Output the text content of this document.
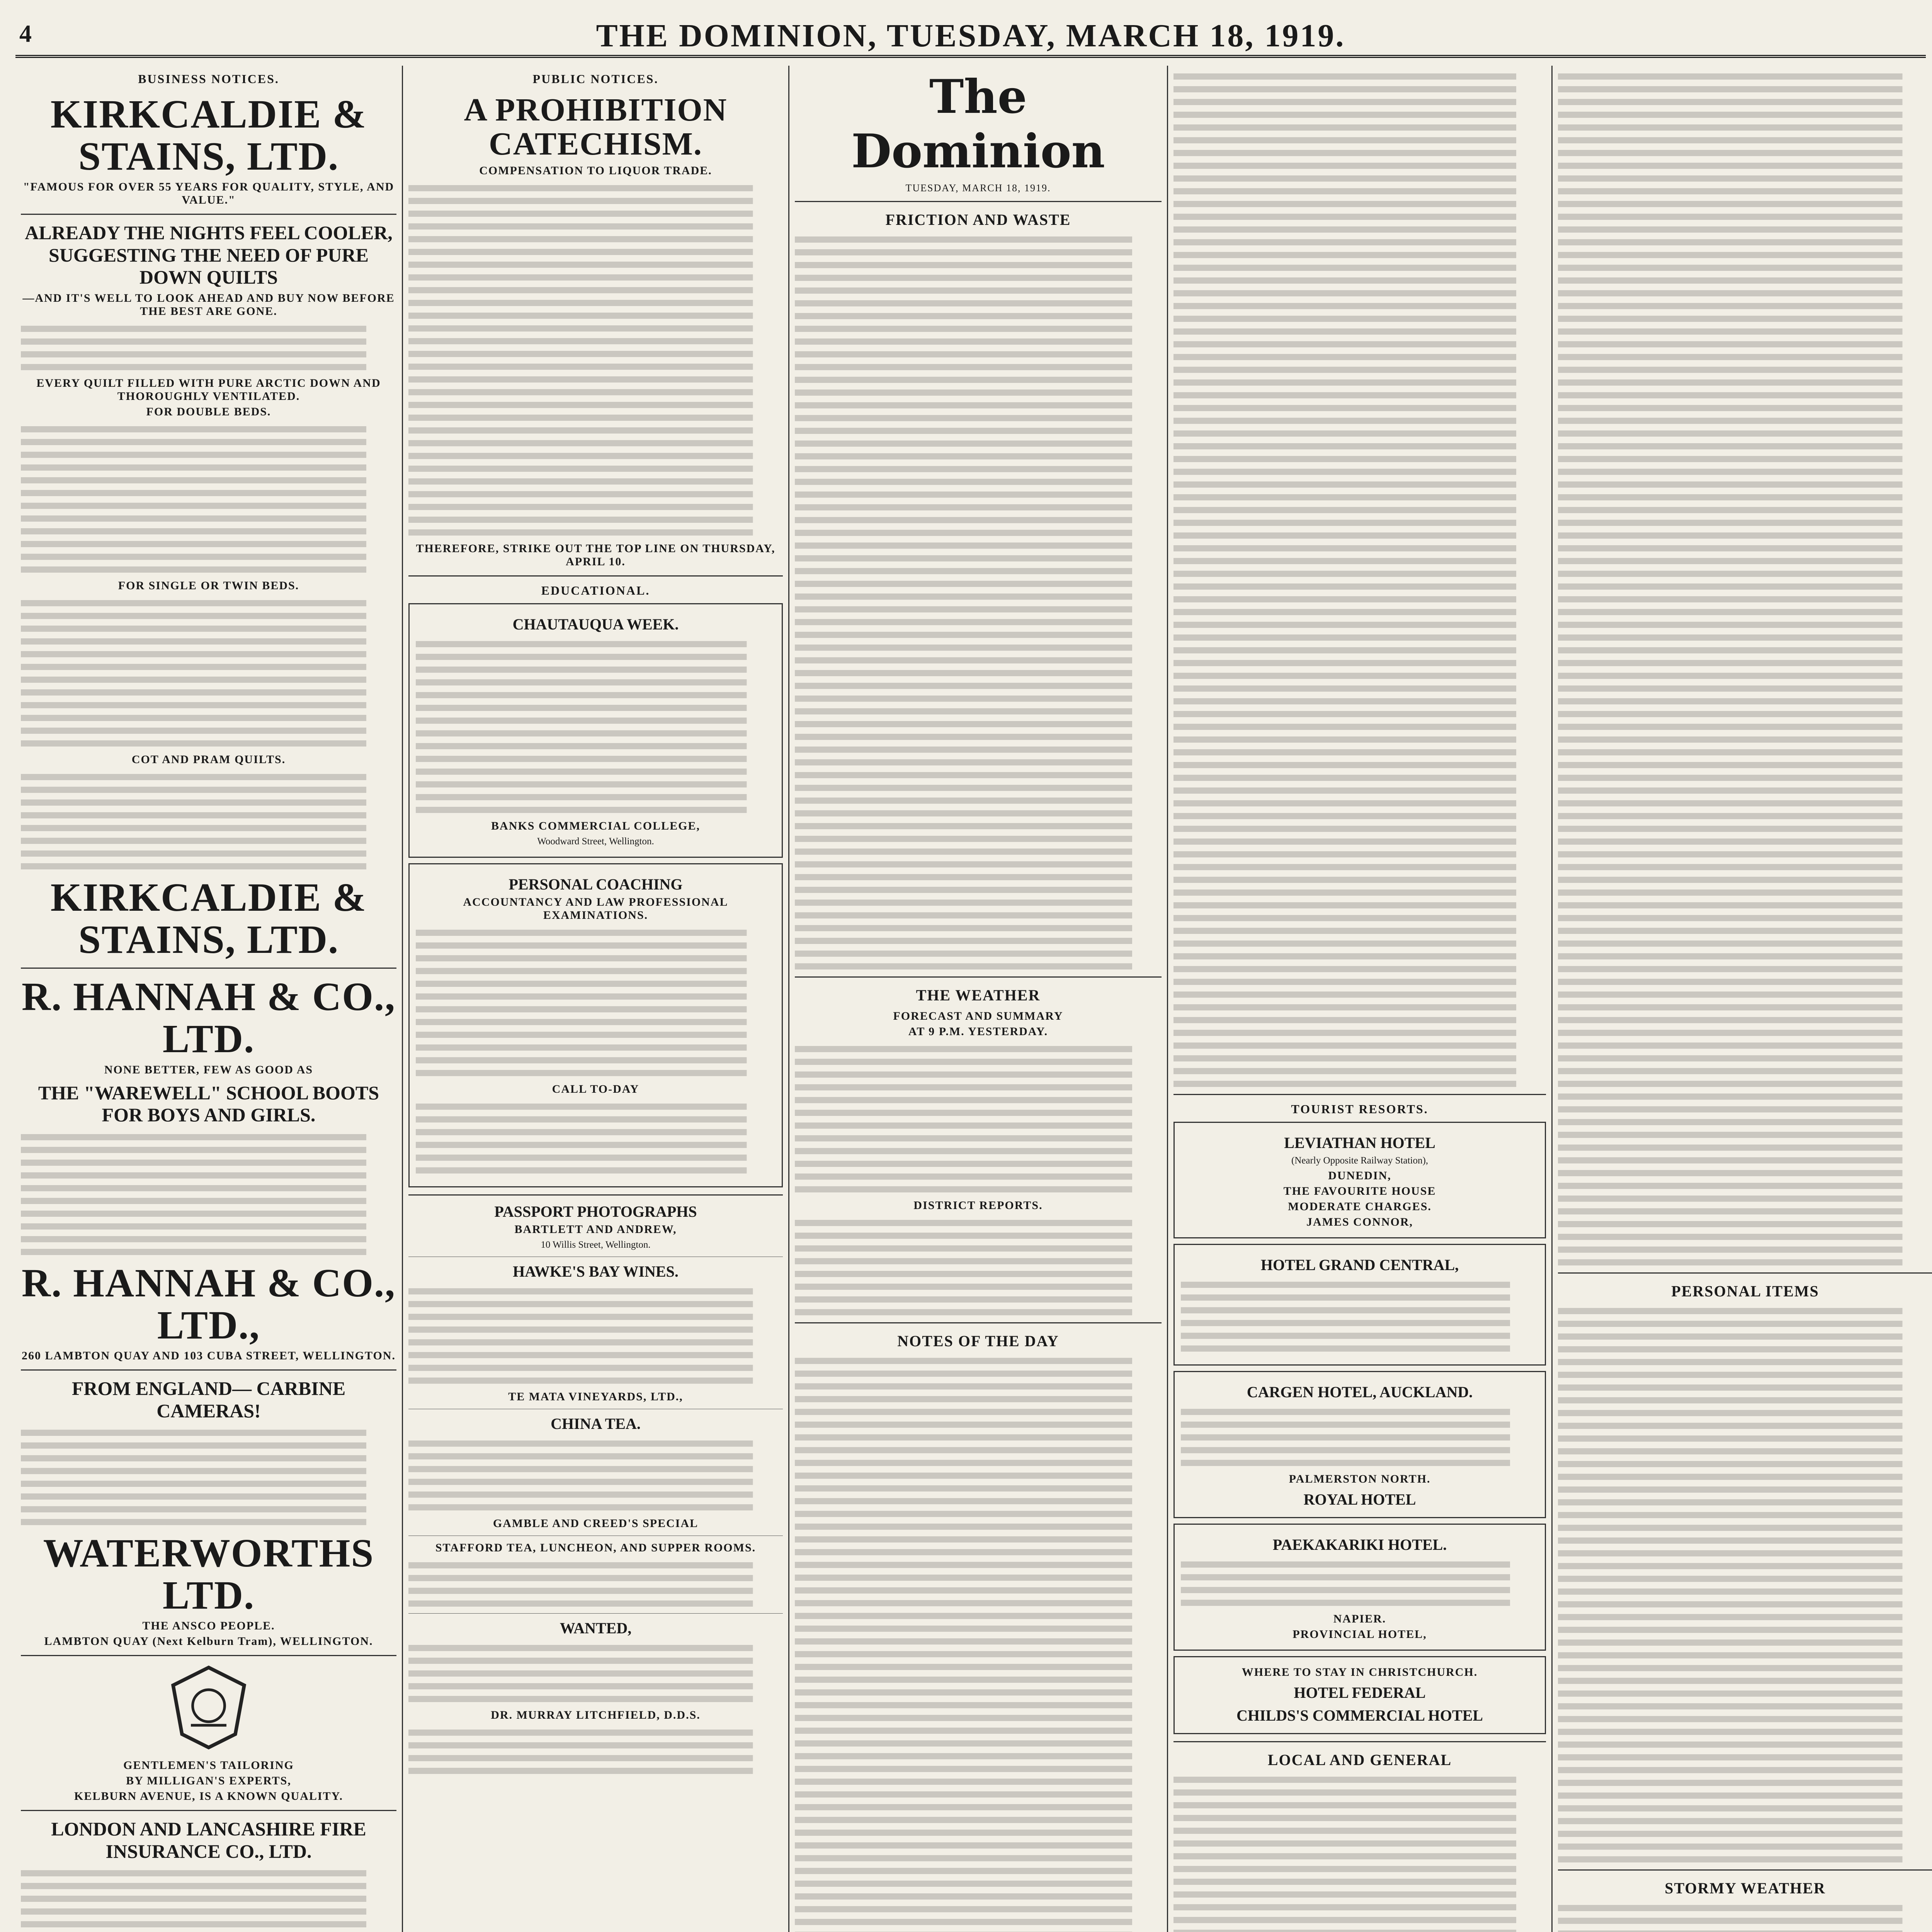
4	THE DOMINION, TUESDAY, MARCH 18, 1919.
BUSINESS NOTICES.
KIRKCALDIE & STAINS, LTD.
"FAMOUS FOR OVER 55 YEARS FOR QUALITY, STYLE, AND VALUE."
ALREADY THE NIGHTS FEEL COOLER, SUGGESTING THE NEED OF PURE DOWN QUILTS
—AND IT'S WELL TO LOOK AHEAD AND BUY NOW BEFORE THE BEST ARE GONE.
EVERY QUILT FILLED WITH PURE ARCTIC DOWN AND THOROUGHLY VENTILATED.
FOR DOUBLE BEDS.
FOR SINGLE OR TWIN BEDS.
COT AND PRAM QUILTS.
KIRKCALDIE & STAINS, LTD.
R. HANNAH & CO., LTD.
NONE BETTER, FEW AS GOOD AS
THE "WAREWELL" SCHOOL BOOTS FOR BOYS AND GIRLS.
R. HANNAH & CO., LTD.,
260 LAMBTON QUAY AND 103 CUBA STREET, WELLINGTON.
FROM ENGLAND— CARBINE CAMERAS!
WATERWORTHS LTD.
THE ANSCO PEOPLE.
LAMBTON QUAY (Next Kelburn Tram), WELLINGTON.
GENTLEMEN'S TAILORING
BY MILLIGAN'S EXPERTS,
KELBURN AVENUE, IS A KNOWN QUALITY.
LONDON AND LANCASHIRE FIRE INSURANCE CO., LTD.
PUBLIC NOTICES.
A PROHIBITION CATECHISM.
COMPENSATION TO LIQUOR TRADE.
THEREFORE, STRIKE OUT THE TOP LINE ON THURSDAY, APRIL 10.
EDUCATIONAL.
CHAUTAUQUA WEEK.
BANKS COMMERCIAL COLLEGE,
Woodward Street, Wellington.
PERSONAL COACHING
ACCOUNTANCY AND LAW PROFESSIONAL EXAMINATIONS.
CALL TO-DAY
PASSPORT PHOTOGRAPHS
BARTLETT AND ANDREW,
10 Willis Street, Wellington.
HAWKE'S BAY WINES.
TE MATA VINEYARDS, LTD.,
CHINA TEA.
GAMBLE AND CREED'S SPECIAL
STAFFORD TEA, LUNCHEON, AND SUPPER ROOMS.
WANTED,
DR. MURRAY LITCHFIELD, D.D.S.
The Dominion
TUESDAY, MARCH 18, 1919.
FRICTION AND WASTE
THE WEATHER
FORECAST AND SUMMARY
AT 9 P.M. YESTERDAY.
DISTRICT REPORTS.
NOTES OF THE DAY
TOURIST RESORTS.
LEVIATHAN HOTEL
(Nearly Opposite Railway Station),
DUNEDIN,
THE FAVOURITE HOUSE
MODERATE CHARGES.
JAMES CONNOR,
HOTEL GRAND CENTRAL,
CARGEN HOTEL, AUCKLAND.
PALMERSTON NORTH.
ROYAL HOTEL
PAEKAKARIKI HOTEL.
NAPIER.
PROVINCIAL HOTEL,
WHERE TO STAY IN CHRISTCHURCH.
HOTEL FEDERAL
CHILDS'S COMMERCIAL HOTEL
LOCAL AND GENERAL
PERSONAL ITEMS
STORMY WEATHER
